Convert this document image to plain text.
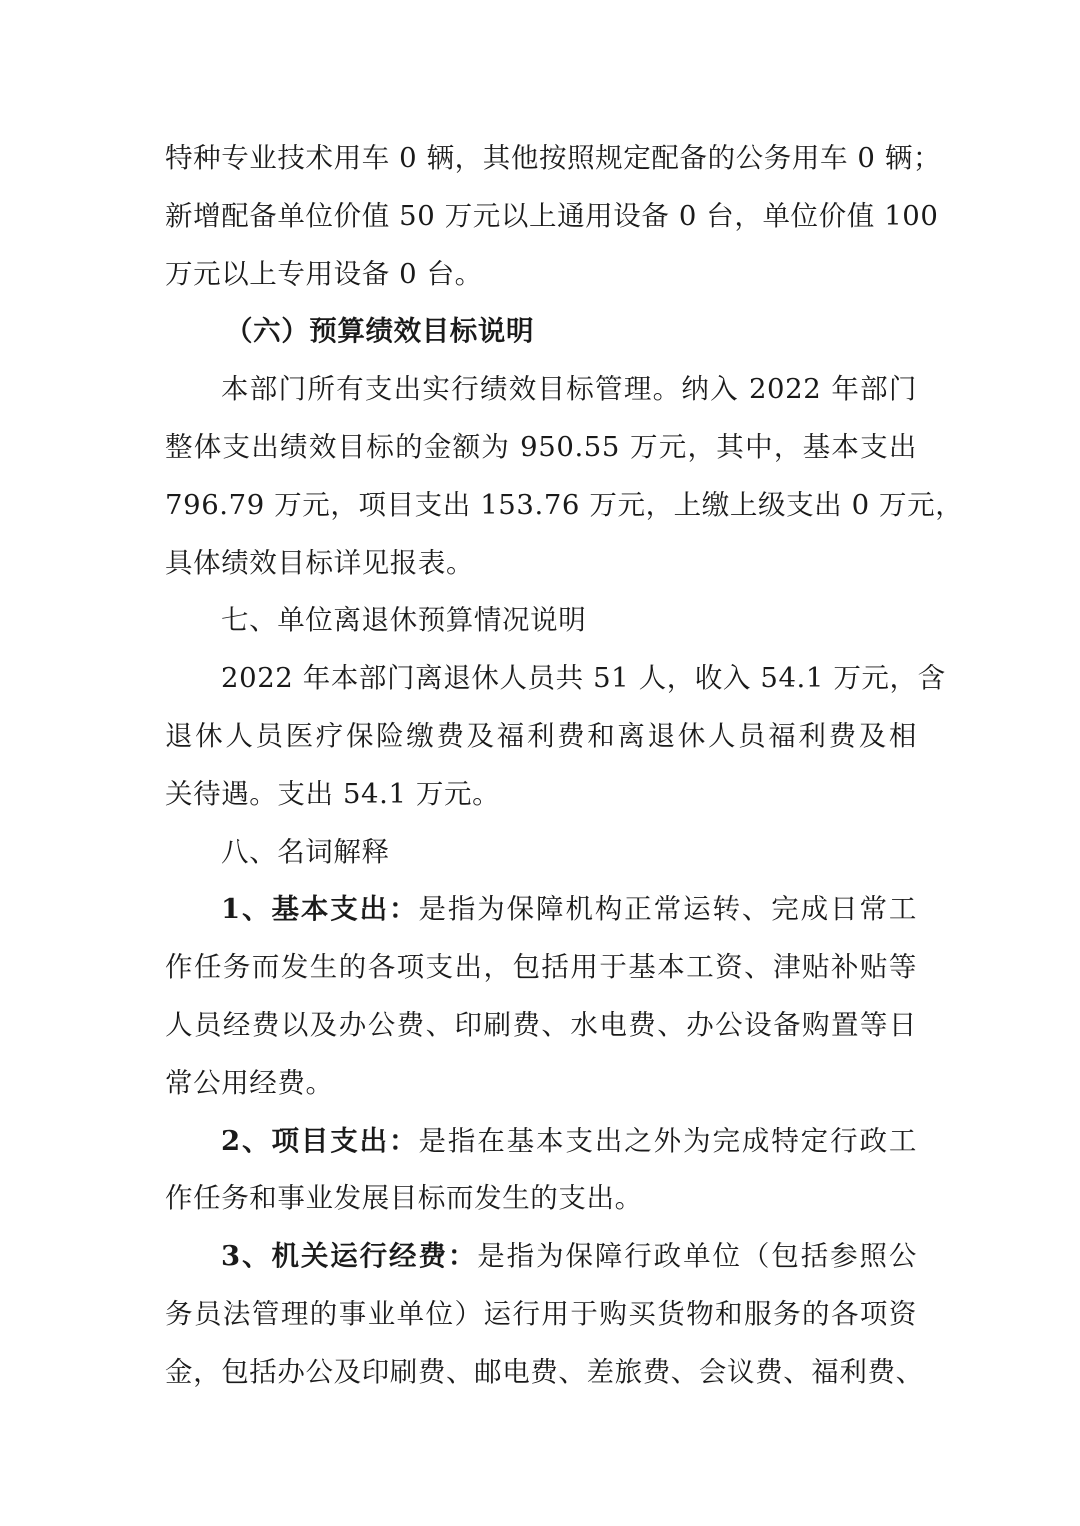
特种专业技术用车 0 辆，其他按照规定配备的公务用车 0 辆；
新增配备单位价值 50 万元以上通用设备 0 台，单位价值 100
万元以上专用设备 0 台。
（六）预算绩效目标说明
本部门所有支出实行绩效目标管理。纳入 2022 年部门
整体支出绩效目标的金额为 950.55 万元，其中，基本支出
796.79 万元，项目支出 153.76 万元，上缴上级支出 0 万元，
具体绩效目标详见报表。
七、单位离退休预算情况说明
2022 年本部门离退休人员共 51 人，收入 54.1 万元，含
退休人员医疗保险缴费及福利费和离退休人员福利费及相
关待遇。支出 54.1 万元。
八、名词解释
1、基本支出：是指为保障机构正常运转、完成日常工
作任务而发生的各项支出，包括用于基本工资、津贴补贴等
人员经费以及办公费、印刷费、水电费、办公设备购置等日
常公用经费。
2、项目支出：是指在基本支出之外为完成特定行政工
作任务和事业发展目标而发生的支出。
3、机关运行经费：是指为保障行政单位（包括参照公
务员法管理的事业单位）运行用于购买货物和服务的各项资
金，包括办公及印刷费、邮电费、差旅费、会议费、福利费、
